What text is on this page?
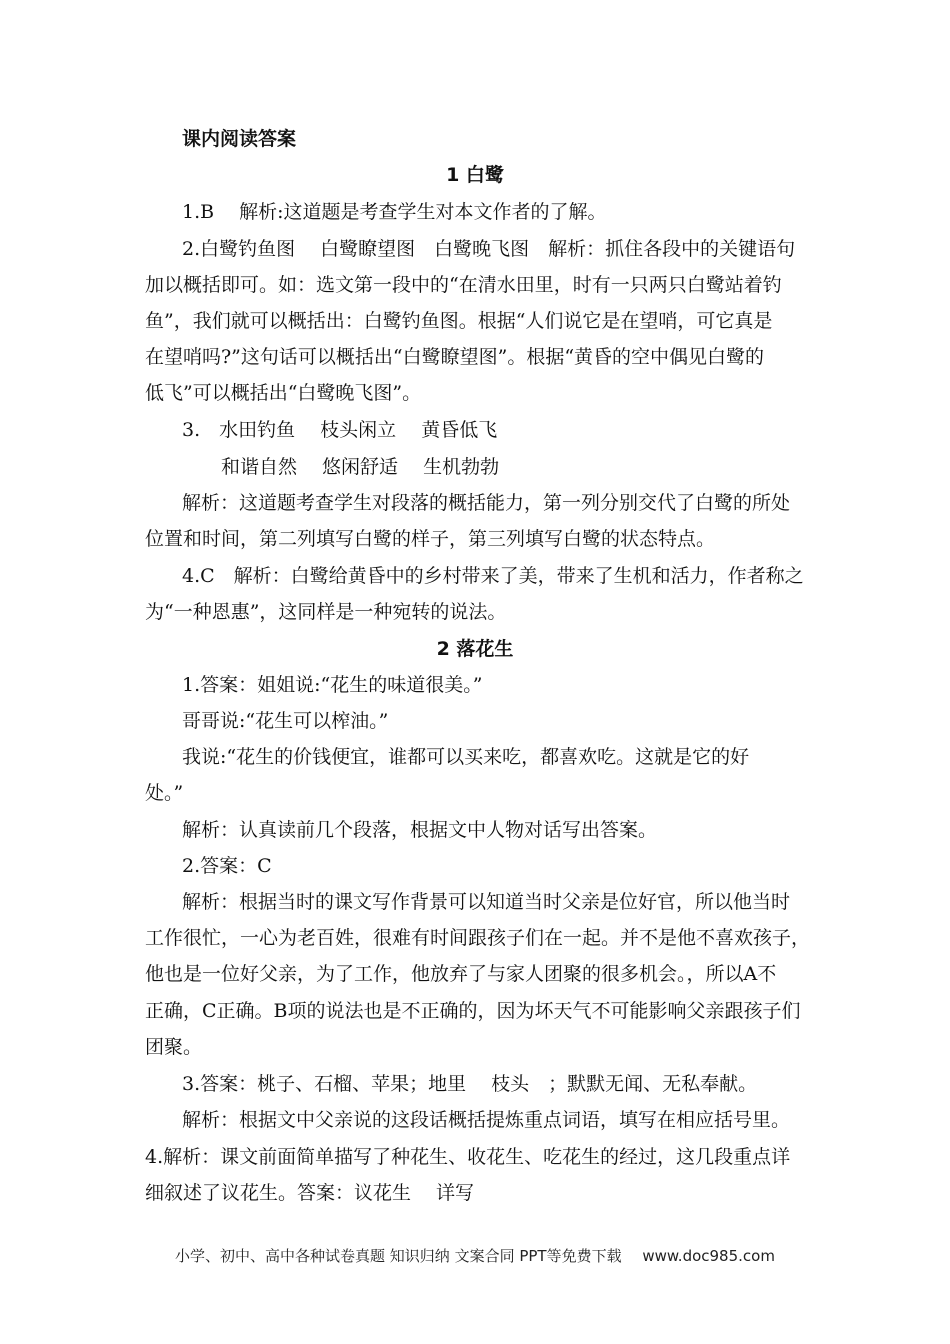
课内阅读答案
1 白鹭
1.B　 解析:这道题是考查学生对本文作者的了解。
2.白鹭钓鱼图　 白鹭瞭望图　白鹭晚飞图　解析：抓住各段中的关键语句
加以概括即可。如：选文第一段中的“在清水田里，时有一只两只白鹭站着钓
鱼”，我们就可以概括出：白鹭钓鱼图。根据“人们说它是在望哨，可它真是
在望哨吗?”这句话可以概括出“白鹭瞭望图”。根据“黄昏的空中偶见白鹭的
低飞”可以概括出“白鹭晚飞图”。
3.　水田钓鱼　 枝头闲立　 黄昏低飞
和谐自然　 悠闲舒适　 生机勃勃
解析：这道题考查学生对段落的概括能力，第一列分别交代了白鹭的所处
位置和时间，第二列填写白鹭的样子，第三列填写白鹭的状态特点。
4.C　解析：白鹭给黄昏中的乡村带来了美，带来了生机和活力，作者称之
为“一种恩惠”，这同样是一种宛转的说法。
2 落花生
1.答案：姐姐说:“花生的味道很美。”
哥哥说:“花生可以榨油。”
我说:“花生的价钱便宜，谁都可以买来吃，都喜欢吃。这就是它的好
处。”
解析：认真读前几个段落，根据文中人物对话写出答案。
2.答案：C
解析：根据当时的课文写作背景可以知道当时父亲是位好官，所以他当时
工作很忙，一心为老百姓，很难有时间跟孩子们在一起。并不是他不喜欢孩子，
他也是一位好父亲，为了工作，他放弃了与家人团聚的很多机会。，所以A不
正确，C正确。B项的说法也是不正确的，因为坏天气不可能影响父亲跟孩子们
团聚。
3.答案：桃子、石榴、苹果；地里　 枝头　；默默无闻、无私奉献。
解析：根据文中父亲说的这段话概括提炼重点词语，填写在相应括号里。
4.解析：课文前面简单描写了种花生、收花生、吃花生的经过，这几段重点详
细叙述了议花生。答案：议花生　 详写
小学、初中、高中各种试卷真题 知识归纳 文案合同 PPT等免费下载 www.doc985.com
